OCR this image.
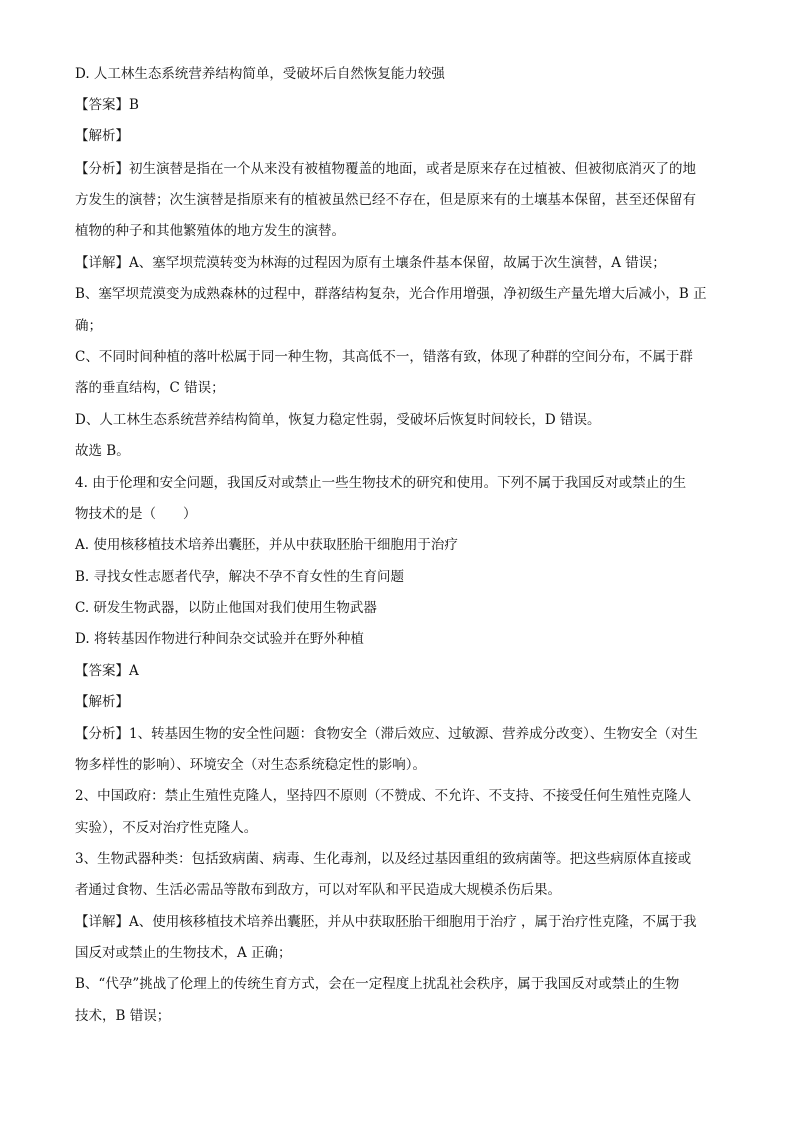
D. 人工林生态系统营养结构简单，受破坏后自然恢复能力较强
【答案】B
【解析】
【分析】初生演替是指在一个从来没有被植物覆盖的地面，或者是原来存在过植被、但被彻底消灭了的地
方发生的演替；次生演替是指原来有的植被虽然已经不存在，但是原来有的土壤基本保留，甚至还保留有
植物的种子和其他繁殖体的地方发生的演替。
【详解】A、塞罕坝荒漠转变为林海的过程因为原有土壤条件基本保留，故属于次生演替，A 错误；
B、塞罕坝荒漠变为成熟森林的过程中，群落结构复杂，光合作用增强，净初级生产量先增大后减小，B 正
确；
C、不同时间种植的落叶松属于同一种生物，其高低不一，错落有致，体现了种群的空间分布，不属于群
落的垂直结构，C 错误；
D、人工林生态系统营养结构简单，恢复力稳定性弱，受破坏后恢复时间较长，D 错误。
故选 B。
4. 由于伦理和安全问题，我国反对或禁止一些生物技术的研究和使用。下列不属于我国反对或禁止的生
物技术的是（　　）
A. 使用核移植技术培养出囊胚，并从中获取胚胎干细胞用于治疗
B. 寻找女性志愿者代孕，解决不孕不育女性的生育问题
C. 研发生物武器，以防止他国对我们使用生物武器
D. 将转基因作物进行种间杂交试验并在野外种植
【答案】A
【解析】
【分析】1、转基因生物的安全性问题：食物安全（滞后效应、过敏源、营养成分改变）、生物安全（对生
物多样性的影响）、环境安全（对生态系统稳定性的影响）。
2、中国政府：禁止生殖性克隆人，坚持四不原则（不赞成、不允许、不支持、不接受任何生殖性克隆人
实验），不反对治疗性克隆人。
3、生物武器种类：包括致病菌、病毒、生化毒剂，以及经过基因重组的致病菌等。把这些病原体直接或
者通过食物、生活必需品等散布到敌方，可以对军队和平民造成大规模杀伤后果。
【详解】A、使用核移植技术培养出囊胚，并从中获取胚胎干细胞用于治疗 ，属于治疗性克隆，不属于我
国反对或禁止的生物技术，A 正确；
B、“代孕”挑战了伦理上的传统生育方式，会在一定程度上扰乱社会秩序，属于我国反对或禁止的生物
技术，B 错误；
